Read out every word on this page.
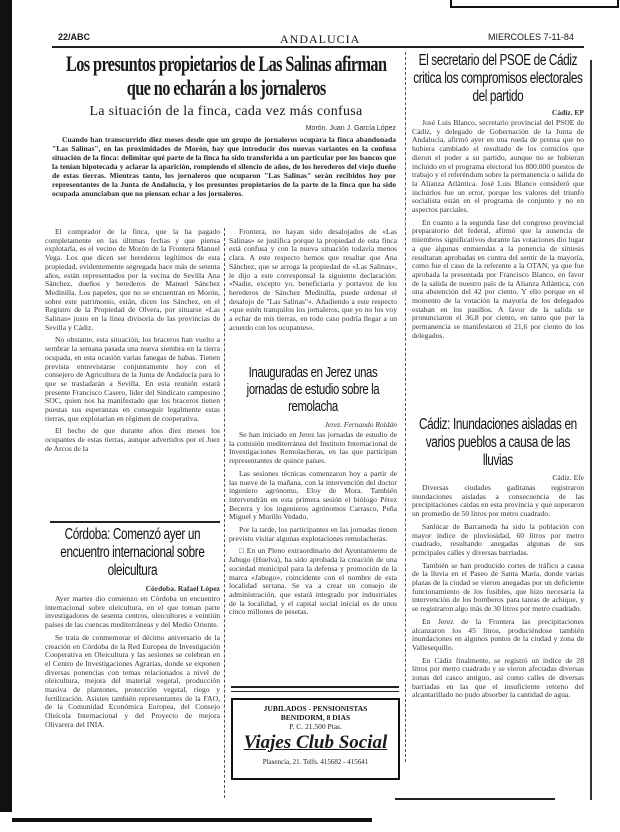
22/ABC	ANDALUCIA	MIERCOLES 7-11-84
Los presuntos propietarios de Las Salinas afirman que no echarán a los jornaleros
La situación de la finca, cada vez más confusa
Morón. Juan J. García López

Cuando han transcurrido diez meses desde que un grupo de jornaleros ocupara la finca abandonada "Las Salinas", en las proximidades de Morón, hay que introducir dos nuevas variantes en la confusa situación de la finca: delimitar qué parte de la finca ha sido transferida a un particular por los bancos que la tenían hipotecada y aclarar la aparición, rompiendo el silencio de años, de los herederos del viejo dueño de estas tierras. Mientras tanto, los jornaleros que ocuparon "Las Salinas" serán recibidos hoy por representantes de la Junta de Andalucía, y los presuntos propietarios de la parte de la finca que ha sido ocupada anunciaban que no piensan echar a los jornaleros.

El comprador de la finca, que la ha pagado completamente en las últimas fechas y que piensa explotarla, es el vecino de Morón de la Frontera Manuel Vega. Los que dicen ser herederos legítimos de esta propiedad, evidentemente segregada hace más de setenta años, están representados por la vecina de Sevilla Ana Sánchez, dueños y herederos de Manuel Sánchez Medinilla. Los papeles, que no se encuentran en Morón, sobre este patrimonio, están, dicen los Sánchez, en el Registro de la Propiedad de Olvera, por situarse «Las Salinas» justo en la línea divisoria de las provincias de Sevilla y Cádiz.

No obstante, esta situación, los braceros han vuelto a sembrar la semana pasada una nueva siembra en la tierra ocupada, en esta ocasión varias fanegas de habas. Tienen prevista entrevistarse conjuntamente hoy con el consejero de Agricultura de la Junta de Andalucía para lo que se trasladarán a Sevilla. En esta reunión estará presente Francisco Casero, líder del Sindicato campesino SOC, quien nos ha manifestado que los braceros tienen puestas sus esperanzas en conseguir legalmente estas tierras, que explotarían en régimen de cooperativa.

El hecho de que durante años diez meses los ocupantes de estas tierras, aunque advertidos por el Juez de Arcos de la

Frontera, no hayan sido desalojados de «Las Salinas» se justifica porque la propiedad de esta finca está confusa y con la nueva situación todavía menos clara. A este respecto hemos que resaltar que Ana Sánchez, que se arroga la propiedad de «Las Salinas», le dijo a este corresponsal la siguiente declaración: «Nadie, excepto yo, beneficiaria y portavoz de los herederos de Sánchez Medinilla, puede ordenar el desalojo de "Las Salinas"». Añadiendo a este respecto «que estén tranquilos los jornaleros, que yo no los voy a echar de mis tierras, en todo caso podría llegar a un acuerdo con los ocupantes».

Inauguradas en Jerez unas jornadas de estudio sobre la remolacha
Jerez. Fernando Roldán

Se han iniciado en Jerez las jornadas de estudio de la comisión mediterránea del Instituto Internacional de Investigaciones Remolacheras, en las que participan representantes de quince países.

Las sesiones técnicas comenzaron hoy a partir de las nueve de la mañana, con la intervención del doctor ingeniero agrónomo, Eloy de Mora. También intervendrán en esta primera sesión el biólogo Pérez Becerra y los ingenieros agrónomos Carrasco, Peña Miguel y Murillo Vedado.

Por la tarde, los participantes en las jornadas tienen previsto visitar algunas explotaciones remolacheras.

□ En un Pleno extraordinario del Ayuntamiento de Jabugo (Huelva), ha sido aprobada la creación de una sociedad municipal para la defensa y promoción de la marca «Jabugo», coincidente con el nombre de esta localidad serrana. Se va a crear un consejo de administración, que estará integrado por industriales de la localidad, y el capital social inicial es de unos cinco millones de pesetas.

JUBILADOS - PENSIONISTAS
BENIDORM, 8 DIAS
P. C. 21.500 Ptas.
Viajes Club Social
Plasencia, 21. Telfs. 415682 - 415641
Córdoba: Comenzó ayer un encuentro internacional sobre oleicultura
Córdoba. Rafael López

Ayer martes dio comienzo en Córdoba un encuentro internacional sobre oleicultura, en el que toman parte investigadores de sesenta centros, oleicultores e veintiún países de las cuencas mediterráneas y del Medio Oriente.

Se trata de conmemorar el décimo aniversario de la creación en Córdoba de la Red Europea de Investigación Cooperativa en Oleicultura y las sesiones se celebran en el Centro de Investigaciones Agrarias, donde se exponen diversas ponencias con temas relacionados a nivel de oleicultura, mejora del material vegetal, producción masiva de plantones, protección vegetal, riego y fertilización. Asisten también representantes de la FAO, de la Comunidad Económica Europea, del Consejo Oleícola Internacional y del Proyecto de mejora Olivarera del INIA.

El secretario del PSOE de Cádiz critica los compromisos electorales del partido
Cádiz. EP

José Luis Blanco, secretario provincial del PSOE de Cádiz, y delegado de Gobernación de la Junta de Andalucía, afirmó ayer en una rueda de prensa que no hubiera cambiado el resultado de los comicios que dieron el poder a su partido, aunque no se hubieran incluido en el programa electoral los 800.000 puestos de trabajo y el referéndum sobre la permanencia o salida de la Alianza Atlántica. José Luis Blanco consideró que incluirlos fue un error, porque los valores del triunfo socialista están en el programa de conjunto y no en aspectos parciales.

En cuanto a la segunda fase del congreso provincial preparatorio del federal, afirmó que la ausencia de miembros significativos durante las votaciones dio lugar a que algunas enmiendas a la ponencia de síntesis resultaran aprobadas en contra del sentir de la mayoría, como fue el caso de la referente a la OTAN, ya que fue aprobada la presentada por Francisco Blanco, en favor de la salida de nuestro país de la Alianza Atlántica, con una abstención del 42 por ciento. Y ello porque en el momento de la votación la mayoría de los delegados estaban en los pasillos. A favor de la salida se pronunciaron el 36,8 por ciento, en tanto que por la permanencia se manifestaron el 21,6 por ciento de los delegados.

Cádiz: Inundaciones aisladas en varios pueblos a causa de las lluvias
Cádiz. Efe

Diversas ciudades gaditanas registraron inundaciones aisladas a consecuencia de las precipitaciones caídas en esta provincia y que superaron un promedio de 50 litros por metro cuadrado.

Sanlúcar de Barrameda ha sido la población con mayor índice de pluviosidad, 60 litros por metro cuadrado, resultando anegadas algunas de sus principales calles y diversas barriadas.

También se han producido cortes de tráfico a causa de la lluvia en el Paseo de Santa María, donde varias plazas de la ciudad se vieron anegadas por un deficiente funcionamiento de los fusibles, que hizo necesaria la intervención de los bomberos para tareas de achique, y se registraron algo más de 30 litros por metro cuadrado.

En Jerez de la Frontera las precipitaciones alcanzaron los 45 litros, produciéndose también inundaciones en algunos puntos de la ciudad y zona de Vallesequillo.

En Cádiz finalmente, se registró un índice de 28 litros por metro cuadrado y se vieron afectadas diversas zonas del casco antiguo, así como calles de diversas barriadas en las que el insuficiente retorno del alcantarillado no pudo absorber la cantidad de agua.
